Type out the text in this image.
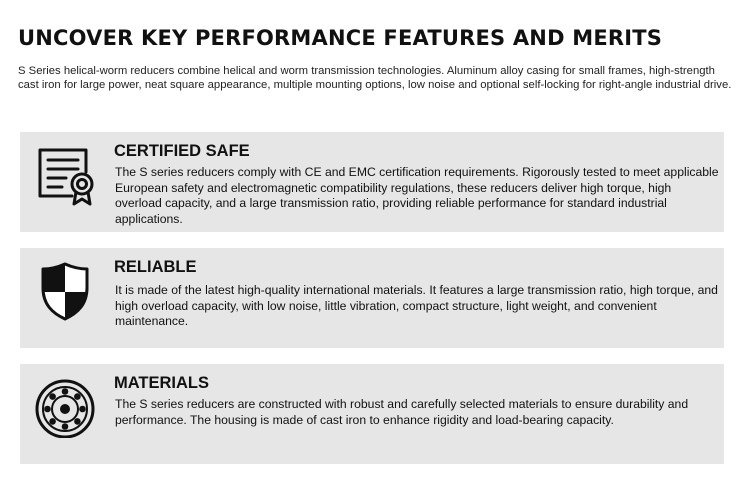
UNCOVER KEY PERFORMANCE FEATURES AND MERITS

S Series helical-worm reducers combine helical and worm transmission technologies. Aluminum alloy casing for small frames, high-strength cast iron for large power, neat square appearance, multiple mounting options, low noise and optional self-locking for right-angle industrial drive.

CERTIFIED SAFE

The S series reducers comply with CE and EMC certification requirements. Rigorously tested to meet applicable European safety and electromagnetic compatibility regulations, these reducers deliver high torque, high overload capacity, and a large transmission ratio, providing reliable performance for standard industrial applications.

RELIABLE

It is made of the latest high-quality international materials. It features a large transmission ratio, high torque, and high overload capacity, with low noise, little vibration, compact structure, light weight, and convenient maintenance.

MATERIALS

The S series reducers are constructed with robust and carefully selected materials to ensure durability and performance. The housing is made of cast iron to enhance rigidity and load-bearing capacity.
